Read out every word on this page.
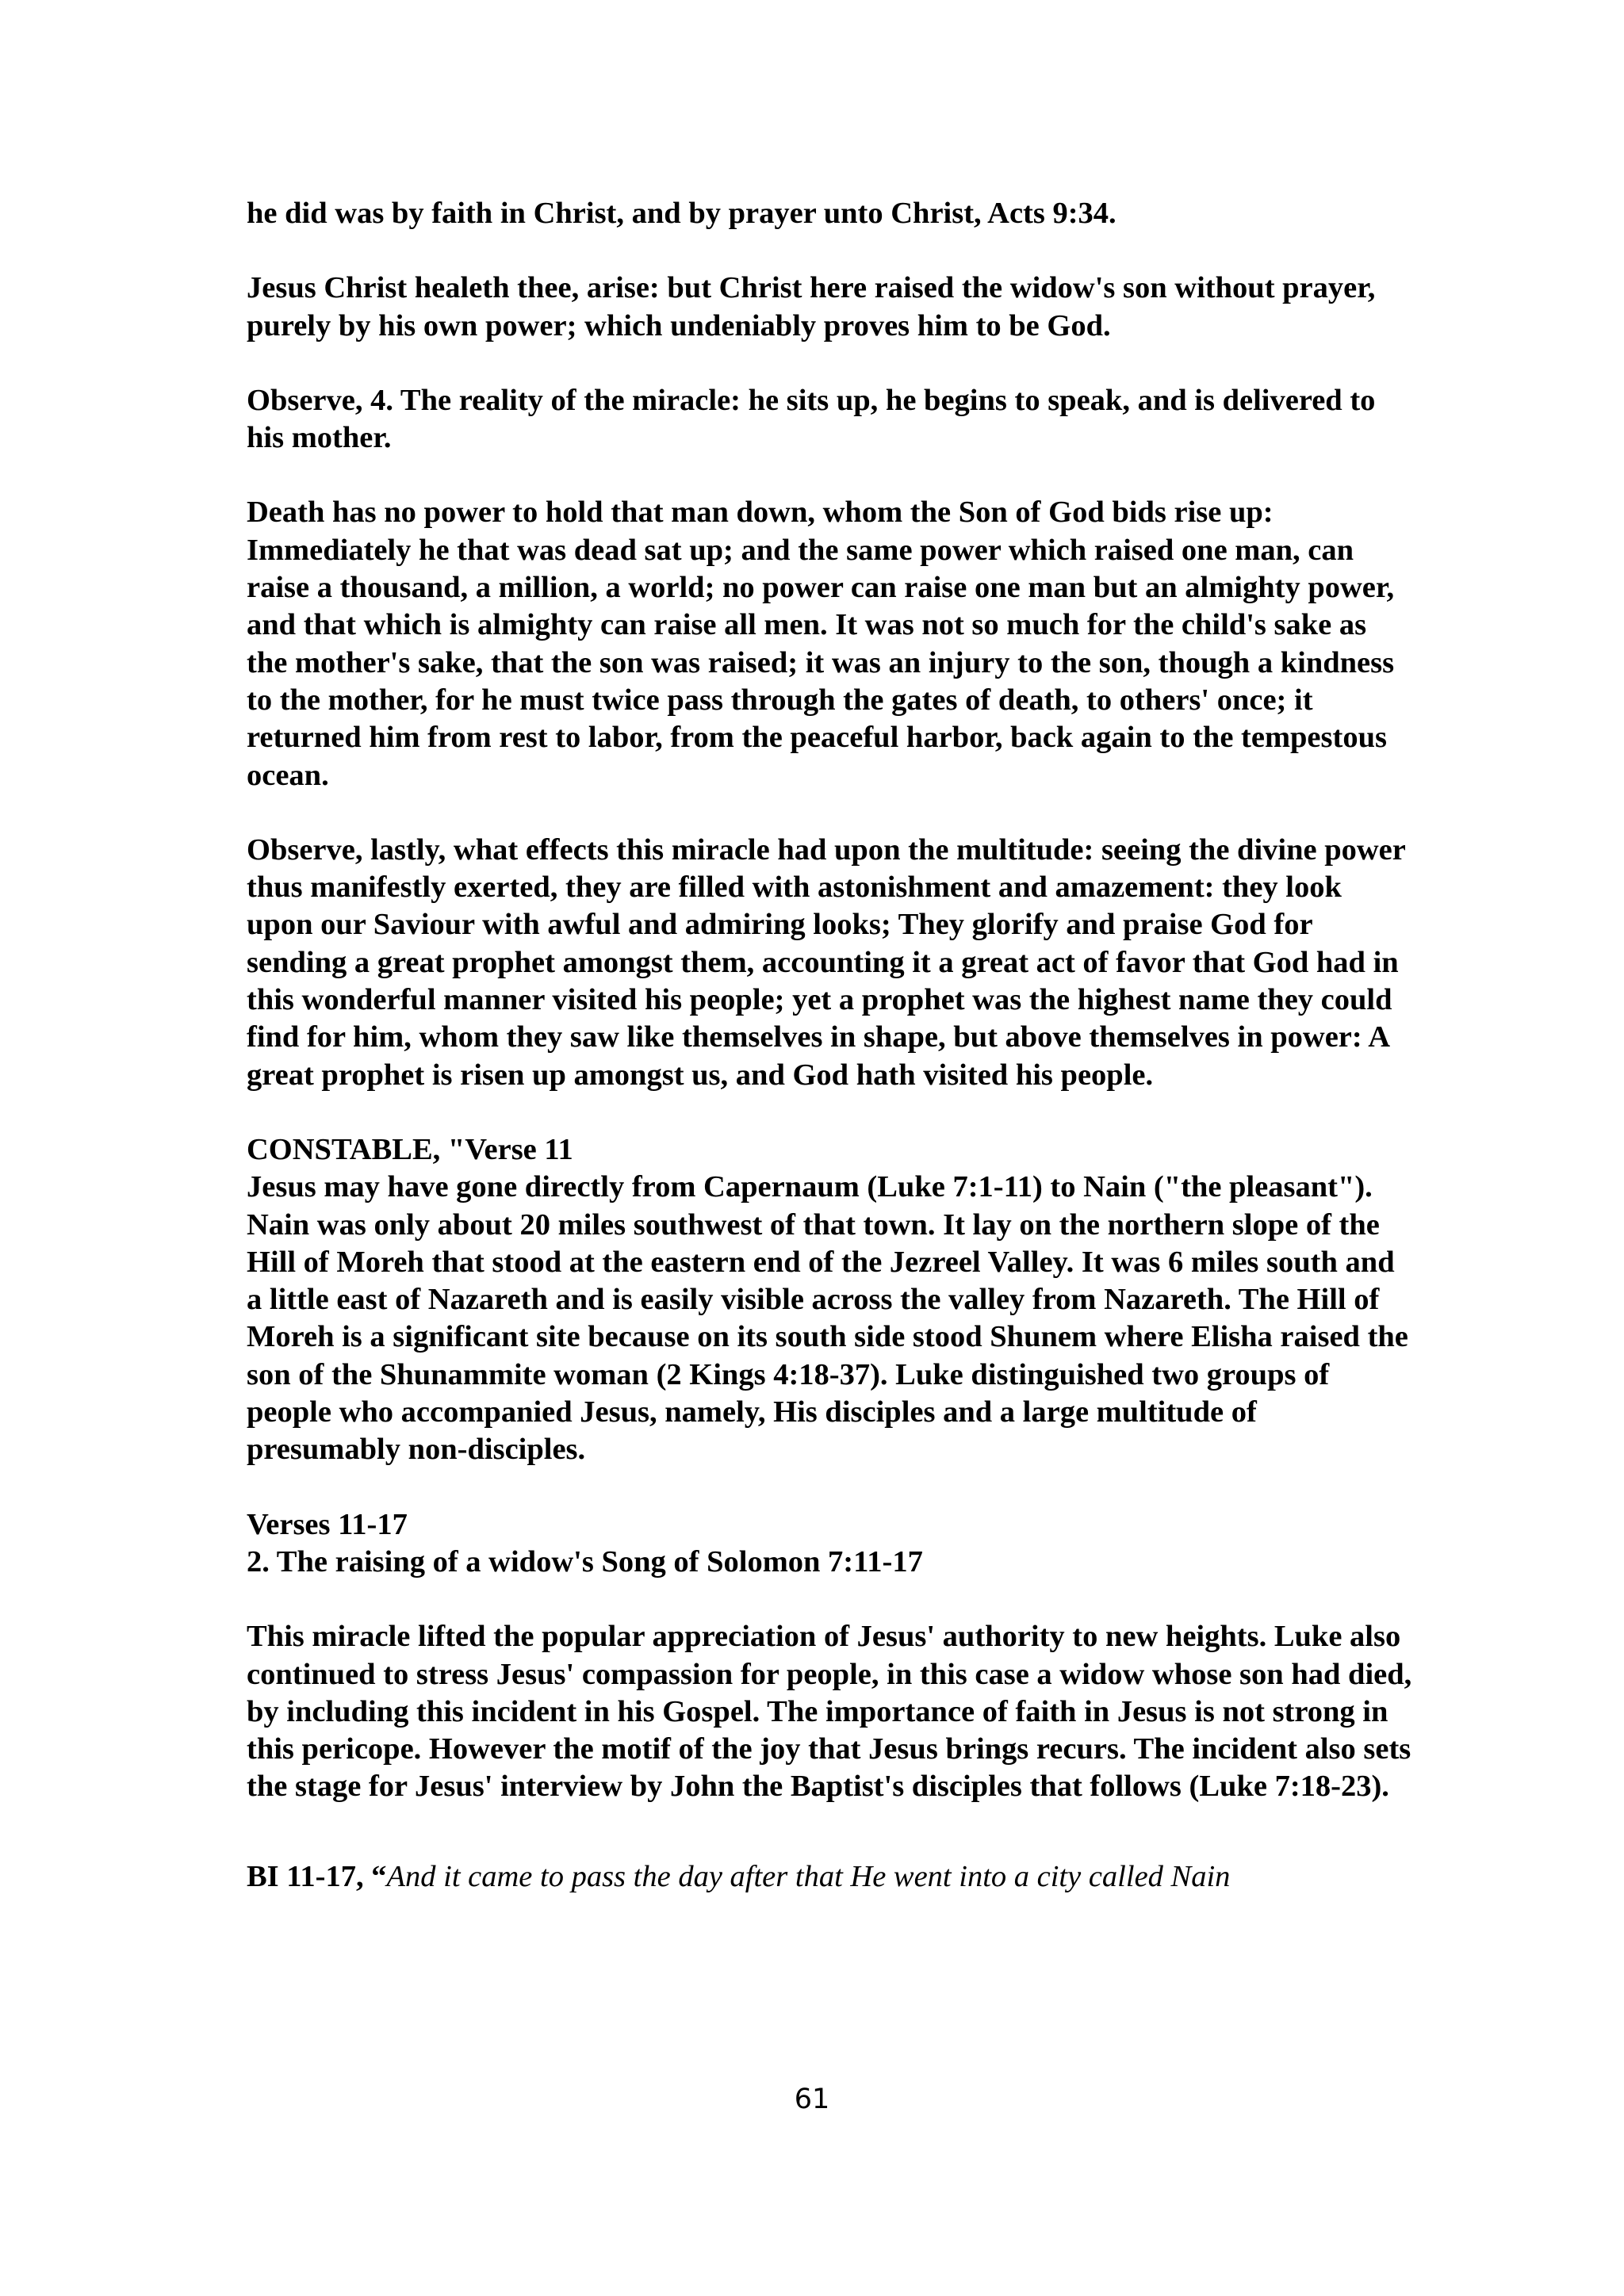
he did was by faith in Christ, and by prayer unto Christ, Acts 9:34.

Jesus Christ healeth thee, arise: but Christ here raised the widow's son without prayer, purely by his own power; which undeniably proves him to be God.

Observe, 4. The reality of the miracle: he sits up, he begins to speak, and is delivered to his mother.

Death has no power to hold that man down, whom the Son of God bids rise up: Immediately he that was dead sat up; and the same power which raised one man, can raise a thousand, a million, a world; no power can raise one man but an almighty power, and that which is almighty can raise all men. It was not so much for the child's sake as the mother's sake, that the son was raised; it was an injury to the son, though a kindness to the mother, for he must twice pass through the gates of death, to others' once; it returned him from rest to labor, from the peaceful harbor, back again to the tempestous ocean.

Observe, lastly, what effects this miracle had upon the multitude: seeing the divine power thus manifestly exerted, they are filled with astonishment and amazement: they look upon our Saviour with awful and admiring looks; They glorify and praise God for sending a great prophet amongst them, accounting it a great act of favor that God had in this wonderful manner visited his people; yet a prophet was the highest name they could find for him, whom they saw like themselves in shape, but above themselves in power: A great prophet is risen up amongst us, and God hath visited his people.

CONSTABLE, "Verse 11

Jesus may have gone directly from Capernaum (Luke 7:1-11) to Nain ("the pleasant"). Nain was only about 20 miles southwest of that town. It lay on the northern slope of the Hill of Moreh that stood at the eastern end of the Jezreel Valley. It was 6 miles south and a little east of Nazareth and is easily visible across the valley from Nazareth. The Hill of Moreh is a significant site because on its south side stood Shunem where Elisha raised the son of the Shunammite woman (2 Kings 4:18-37). Luke distinguished two groups of people who accompanied Jesus, namely, His disciples and a large multitude of presumably non-disciples.

Verses 11-17

2. The raising of a widow's Song of Solomon 7:11-17

This miracle lifted the popular appreciation of Jesus' authority to new heights. Luke also continued to stress Jesus' compassion for people, in this case a widow whose son had died, by including this incident in his Gospel. The importance of faith in Jesus is not strong in this pericope. However the motif of the joy that Jesus brings recurs. The incident also sets the stage for Jesus' interview by John the Baptist's disciples that follows (Luke 7:18-23).

BI 11-17, “And it came to pass the day after that He went into a city called Nain

61
